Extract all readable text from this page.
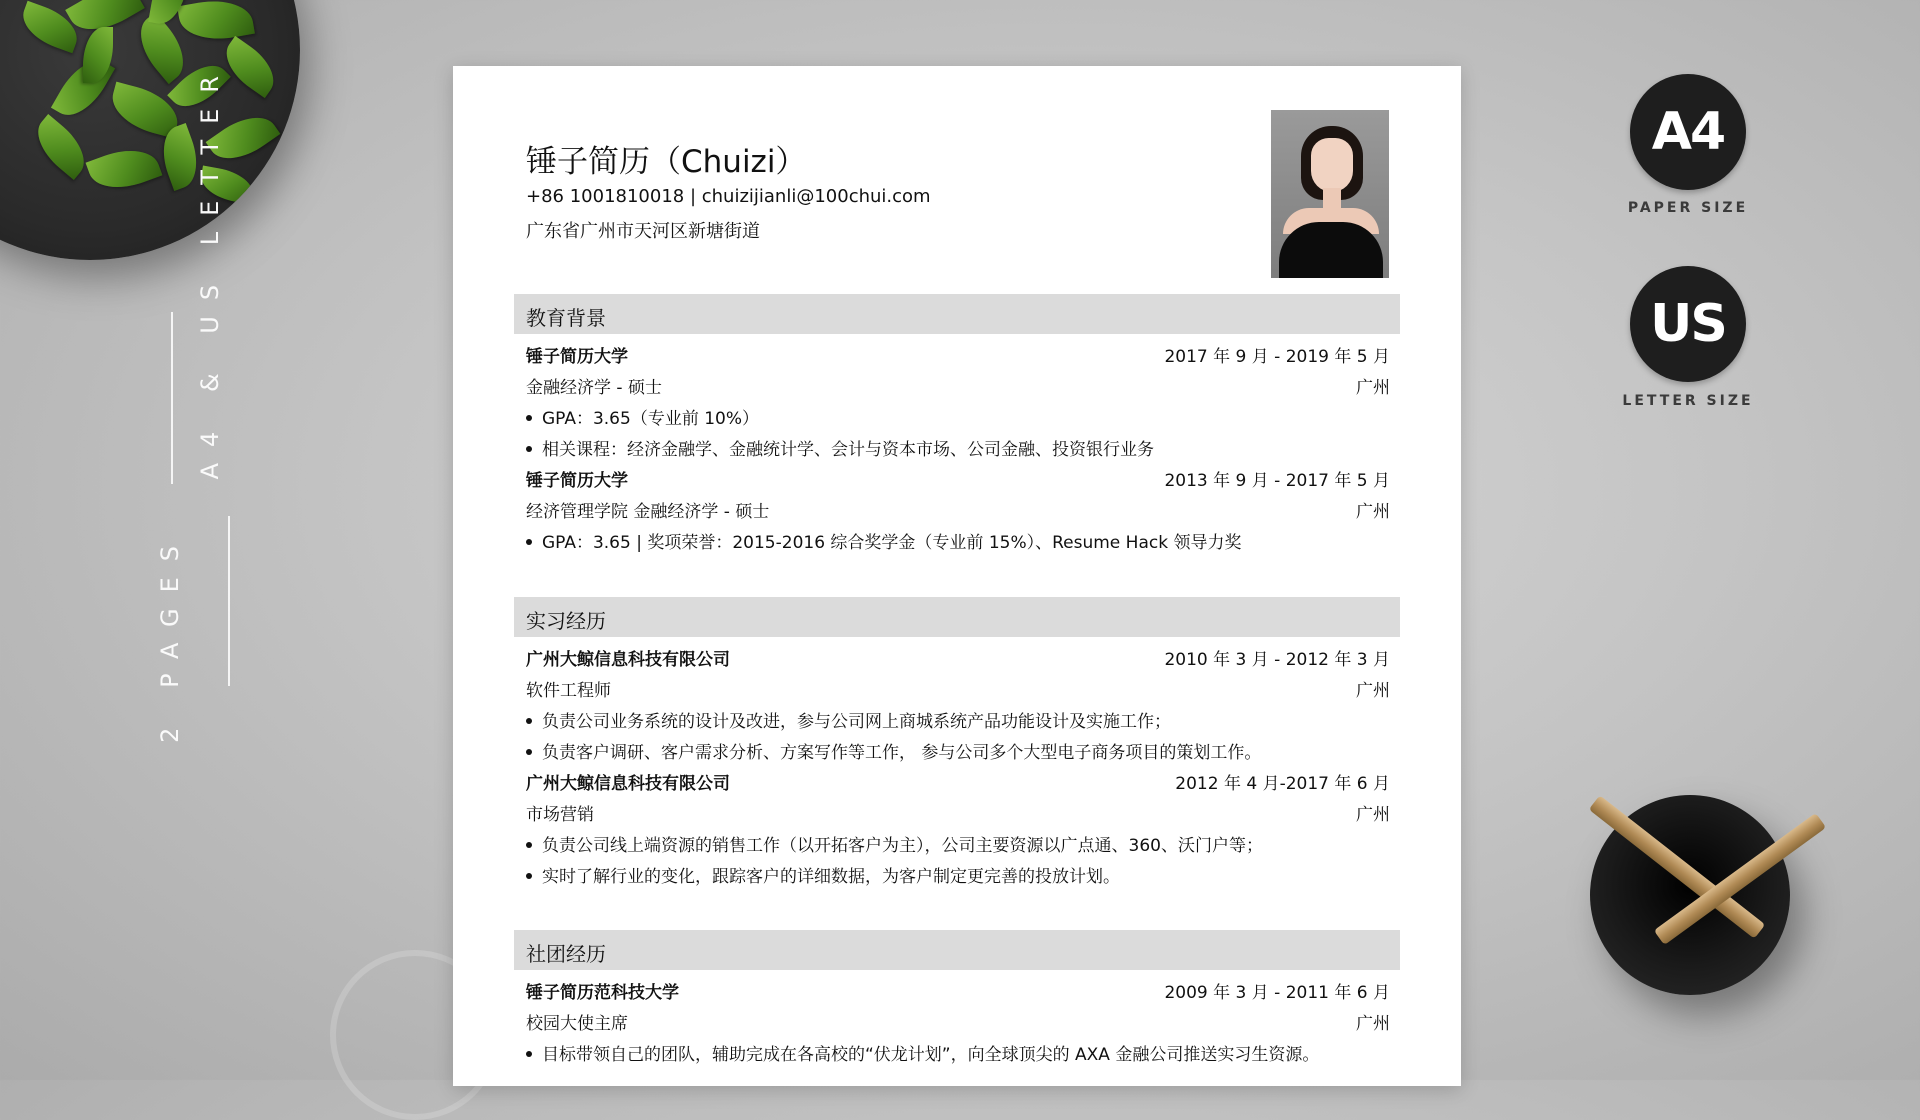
A4 & US LETTER
2 PAGES
A4
PAPER SIZE
US
LETTER SIZE
锤子简历（Chuizi）
+86 1001810018 | chuizijianli@100chui.com
广东省广州市天河区新塘街道
教育背景
锤子简历大学	2017 年 9 月 - 2019 年 5 月
金融经济学 - 硕士	广州
GPA：3.65（专业前 10%）
相关课程：经济金融学、金融统计学、会计与资本市场、公司金融、投资银行业务
锤子简历大学	2013 年 9 月 - 2017 年 5 月
经济管理学院 金融经济学 - 硕士	广州
GPA：3.65 | 奖项荣誉：2015-2016 综合奖学金（专业前 15%）、Resume Hack 领导力奖
实习经历
广州大鲸信息科技有限公司	2010 年 3 月 - 2012 年 3 月
软件工程师	广州
负责公司业务系统的设计及改进，参与公司网上商城系统产品功能设计及实施工作；
负责客户调研、客户需求分析、方案写作等工作， 参与公司多个大型电子商务项目的策划工作。
广州大鲸信息科技有限公司	2012 年 4 月-2017 年 6 月
市场营销	广州
负责公司线上端资源的销售工作（以开拓客户为主），公司主要资源以广点通、360、沃门户等；
实时了解行业的变化，跟踪客户的详细数据，为客户制定更完善的投放计划。
社团经历
锤子简历范科技大学	2009 年 3 月 - 2011 年 6 月
校园大使主席	广州
目标带领自己的团队，辅助完成在各高校的“伏龙计划”，向全球顶尖的 AXA 金融公司推送实习生资源。
